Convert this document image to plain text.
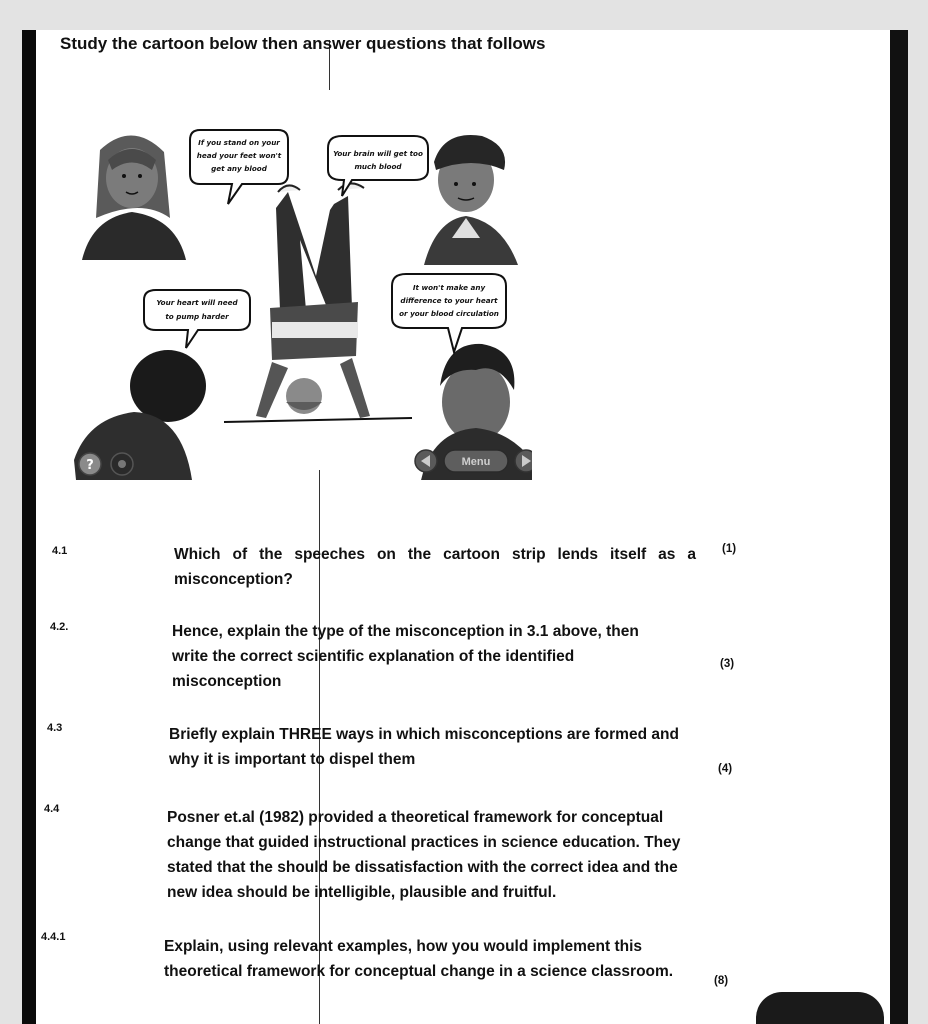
Study the cartoon below then answer questions that follows
If you stand on your
head your feet won't
get any blood
Your brain will get too
much blood
Your heart will need
to pump harder
It won't make any
difference to your heart
or your blood circulation
?	Menu
4.1	Which of the speeches on the cartoon strip lends itself as a misconception?
(1)
4.2.	Hence, explain the type of the misconception in 3.1 above, then write the correct scientific explanation of the identified misconception
(3)
4.3	Briefly explain THREE ways in which misconceptions are formed and why it is important to dispel them
(4)
4.4	Posner et.al (1982) provided a theoretical framework for conceptual change that guided instructional practices in science education. They stated that the should be dissatisfaction with the correct idea and the new idea should be intelligible, plausible and fruitful.
4.4.1
Explain, using relevant examples, how you would implement this theoretical framework for conceptual change in a science classroom.
(8)
